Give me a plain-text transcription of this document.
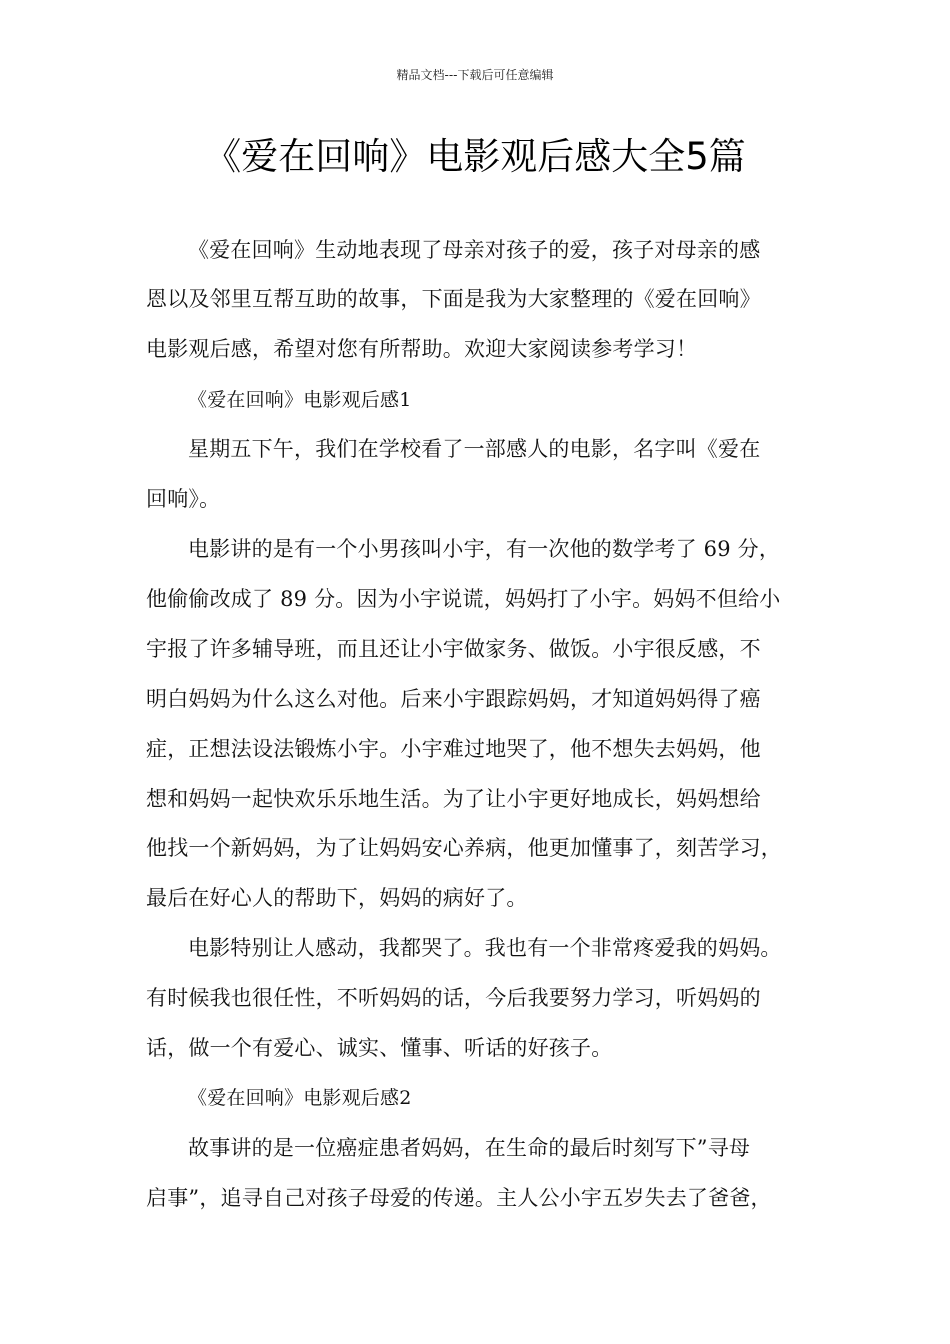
精品文档---下载后可任意编辑
《爱在回响》电影观后感大全5篇
《爱在回响》生动地表现了母亲对孩子的爱，孩子对母亲的感
恩以及邻里互帮互助的故事，下面是我为大家整理的《爱在回响》
电影观后感，希望对您有所帮助。欢迎大家阅读参考学习！
《爱在回响》电影观后感1
星期五下午，我们在学校看了一部感人的电影，名字叫《爱在
回响》。
电影讲的是有一个小男孩叫小宇，有一次他的数学考了 69 分，
他偷偷改成了 89 分。因为小宇说谎，妈妈打了小宇。妈妈不但给小
宇报了许多辅导班，而且还让小宇做家务、做饭。小宇很反感，不
明白妈妈为什么这么对他。后来小宇跟踪妈妈，才知道妈妈得了癌
症，正想法设法锻炼小宇。小宇难过地哭了，他不想失去妈妈，他
想和妈妈一起快欢乐乐地生活。为了让小宇更好地成长，妈妈想给
他找一个新妈妈，为了让妈妈安心养病，他更加懂事了，刻苦学习，
最后在好心人的帮助下，妈妈的病好了。
电影特别让人感动，我都哭了。我也有一个非常疼爱我的妈妈。
有时候我也很任性，不听妈妈的话，今后我要努力学习，听妈妈的
话，做一个有爱心、诚实、懂事、听话的好孩子。
《爱在回响》电影观后感2
故事讲的是一位癌症患者妈妈，在生命的最后时刻写下”寻母
启事”，追寻自己对孩子母爱的传递。主人公小宇五岁失去了爸爸，
